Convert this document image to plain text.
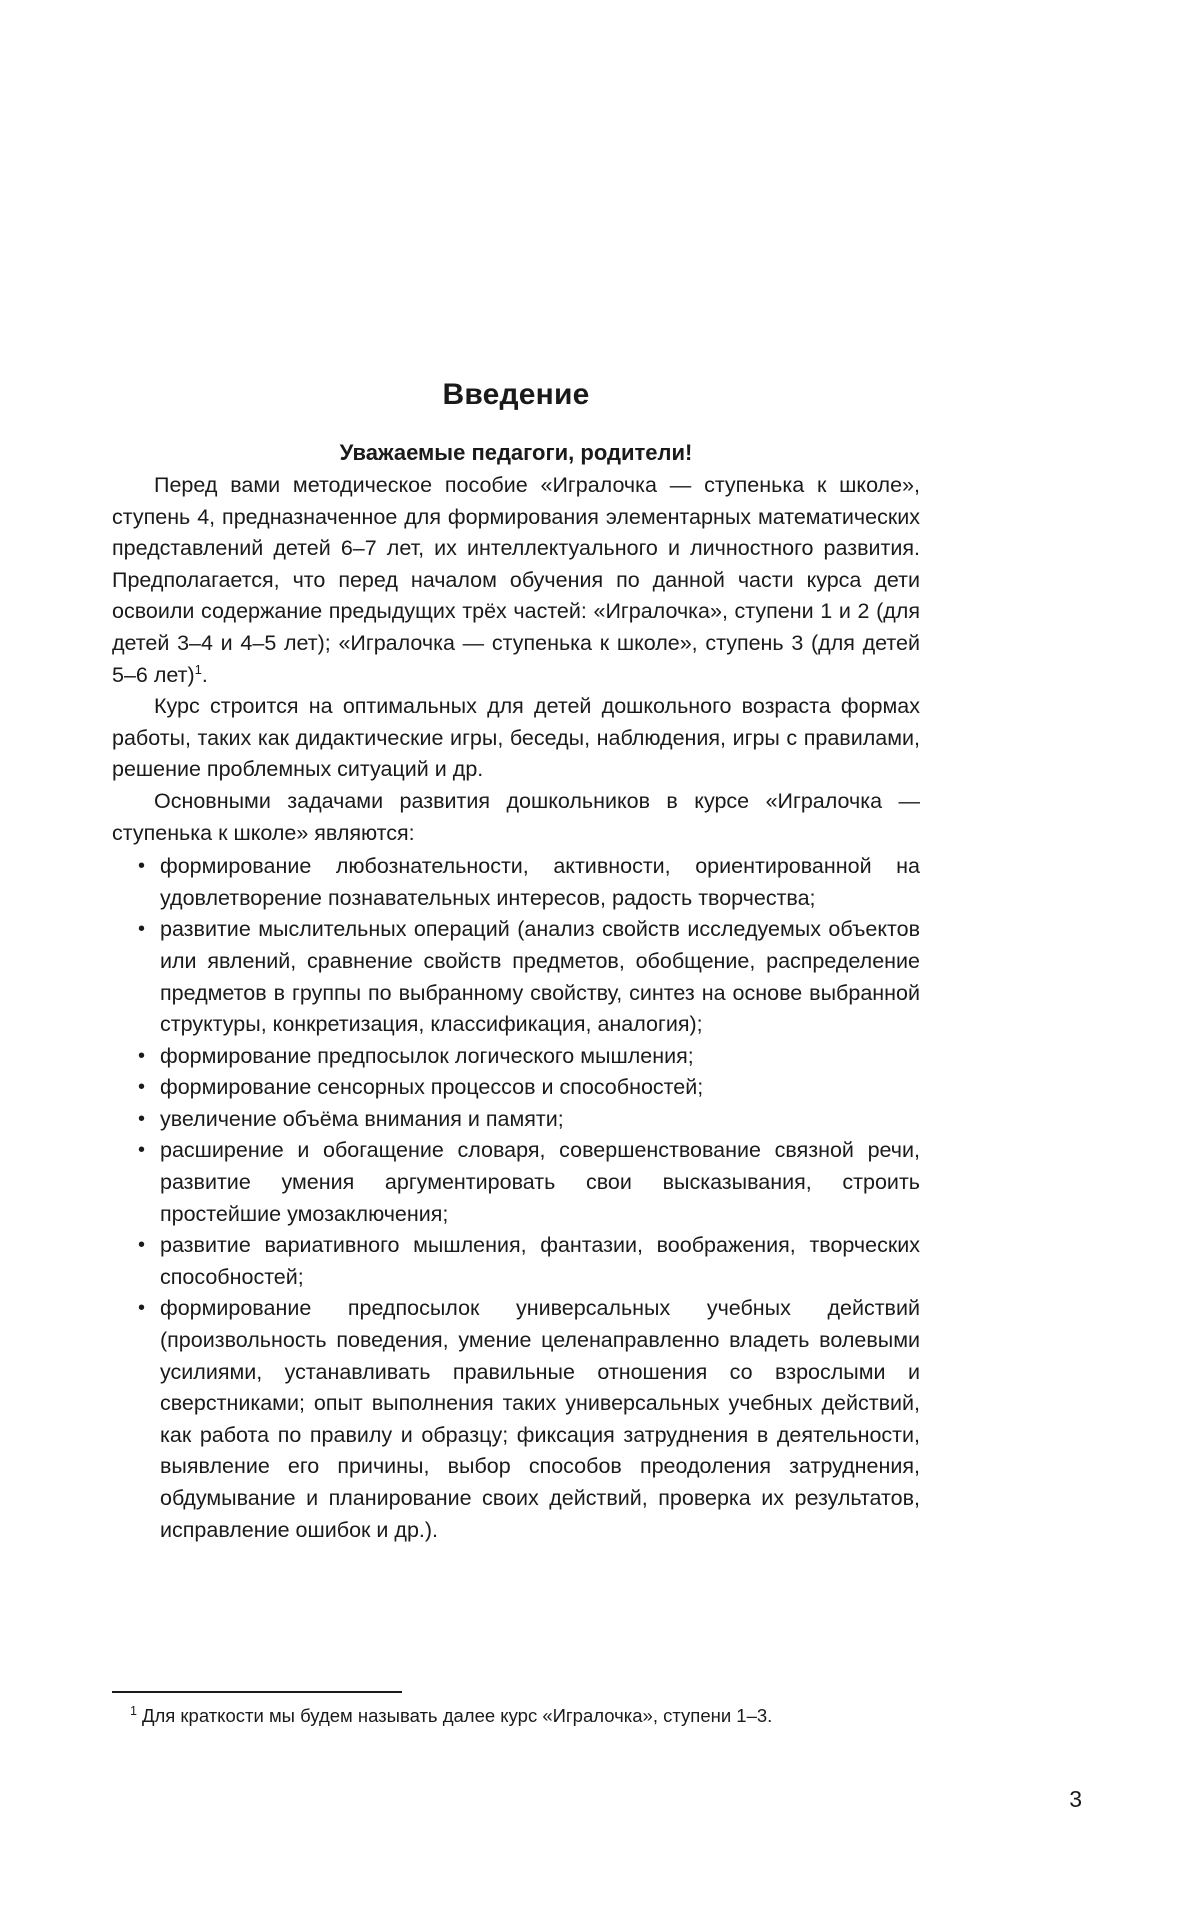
Введение
Уважаемые педагоги, родители!

Перед вами методическое пособие «Игралочка — ступенька к школе», ступень 4, предназначенное для формирования элементарных математических представлений детей 6–7 лет, их интеллектуального и личностного развития. Предполагается, что перед началом обучения по данной части курса дети освоили содержание предыдущих трёх частей: «Игралочка», ступени 1 и 2 (для детей 3–4 и 4–5 лет); «Игралочка — ступенька к школе», ступень 3 (для детей 5–6 лет)$^1$.

Курс строится на оптимальных для детей дошкольного возраста формах работы, таких как дидактические игры, беседы, наблюдения, игры с правилами, решение проблемных ситуаций и др.

Основными задачами развития дошкольников в курсе «Игралочка — ступенька к школе» являются:

• формирование любознательности, активности, ориентированной на удовлетворение познавательных интересов, радость творчества;
• развитие мыслительных операций (анализ свойств исследуемых объектов или явлений, сравнение свойств предметов, обобщение, распределение предметов в группы по выбранному свойству, синтез на основе выбранной структуры, конкретизация, классификация, аналогия);
• формирование предпосылок логического мышления;
• формирование сенсорных процессов и способностей;
• увеличение объёма внимания и памяти;
• расширение и обогащение словаря, совершенствование связной речи, развитие умения аргументировать свои высказывания, строить простейшие умозаключения;
• развитие вариативного мышления, фантазии, воображения, творческих способностей;
• формирование предпосылок универсальных учебных действий (произвольность поведения, умение целенаправленно владеть волевыми усилиями, устанавливать правильные отношения со взрослыми и сверстниками; опыт выполнения таких универсальных учебных действий, как работа по правилу и образцу; фиксация затруднения в деятельности, выявление его причины, выбор способов преодоления затруднения, обдумывание и планирование своих действий, проверка их результатов, исправление ошибок и др.).

$^1$ Для краткости мы будем называть далее курс «Игралочка», ступени 1–3.

3
